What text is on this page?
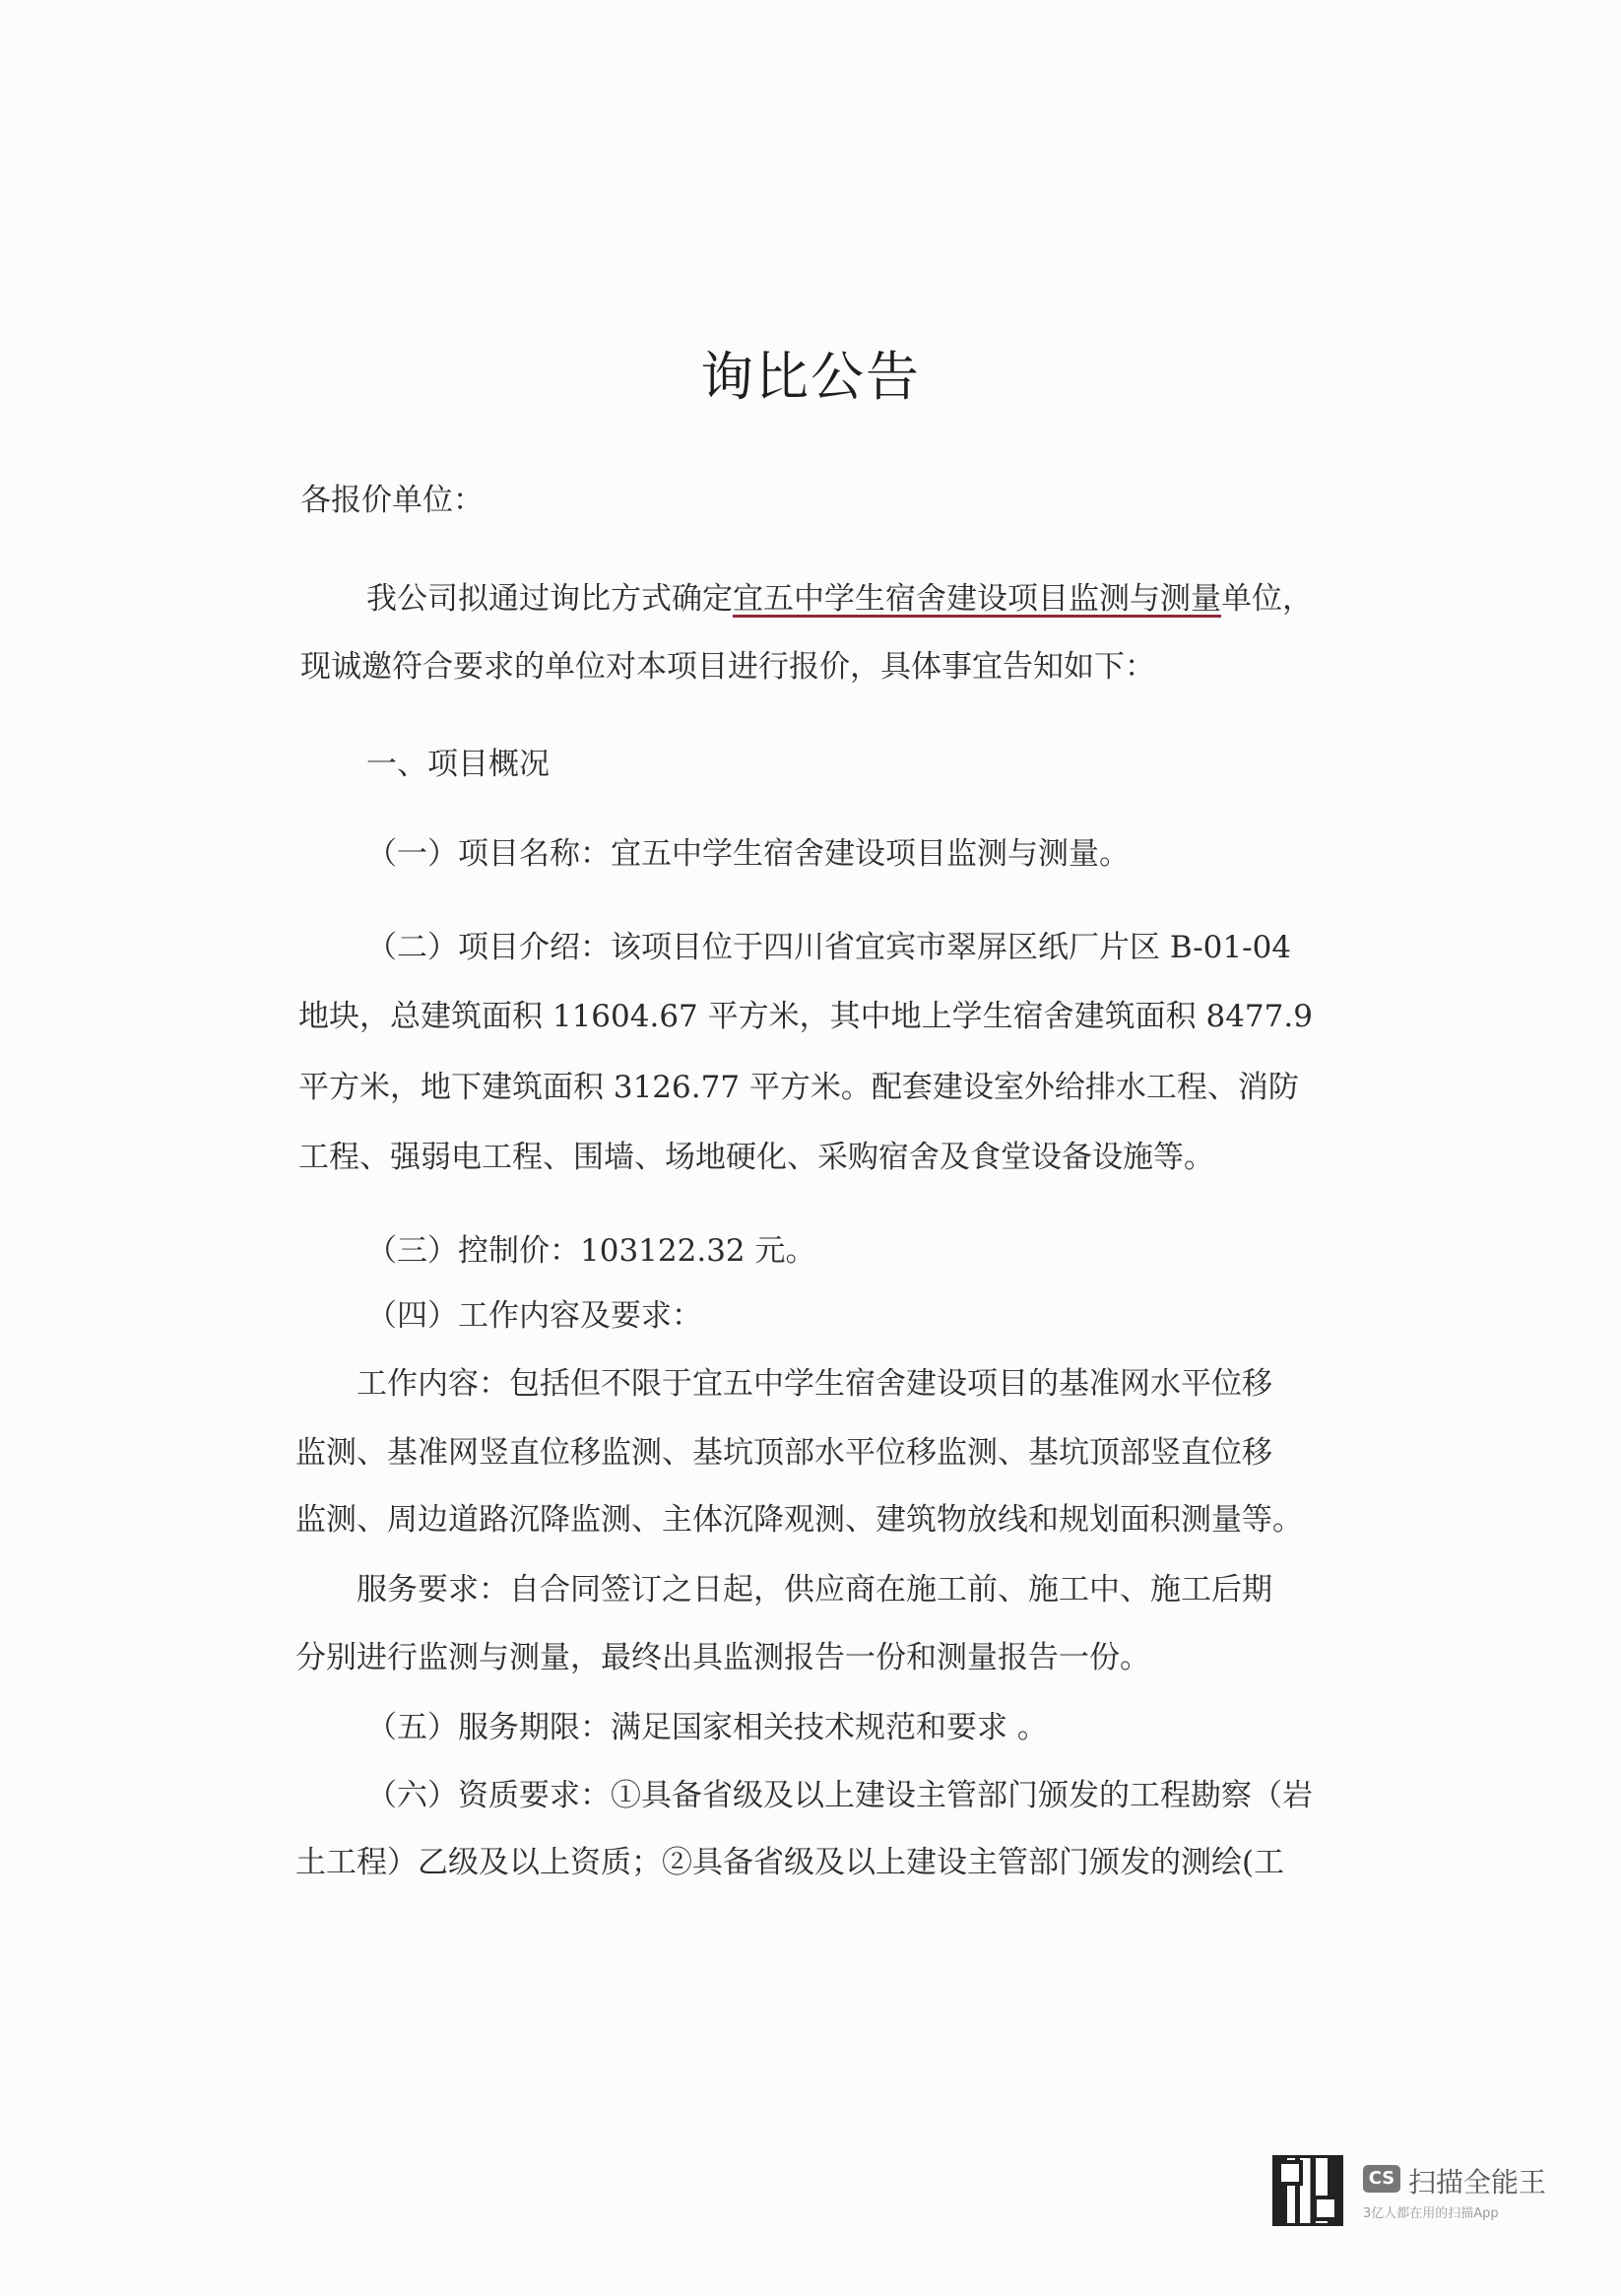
询比公告
各报价单位：
我公司拟通过询比方式确定宜五中学生宿舍建设项目监测与测量单位，
现诚邀符合要求的单位对本项目进行报价，具体事宜告知如下：
一、项目概况
（一）项目名称：宜五中学生宿舍建设项目监测与测量。
（二）项目介绍：该项目位于四川省宜宾市翠屏区纸厂片区 B-01-04
地块，总建筑面积 11604.67 平方米，其中地上学生宿舍建筑面积 8477.9
平方米，地下建筑面积 3126.77 平方米。配套建设室外给排水工程、消防
工程、强弱电工程、围墙、场地硬化、采购宿舍及食堂设备设施等。
（三）控制价：103122.32 元。
（四）工作内容及要求：
工作内容：包括但不限于宜五中学生宿舍建设项目的基准网水平位移
监测、基准网竖直位移监测、基坑顶部水平位移监测、基坑顶部竖直位移
监测、周边道路沉降监测、主体沉降观测、建筑物放线和规划面积测量等。
服务要求：自合同签订之日起，供应商在施工前、施工中、施工后期
分别进行监测与测量，最终出具监测报告一份和测量报告一份。
（五）服务期限：满足国家相关技术规范和要求 。
（六）资质要求：①具备省级及以上建设主管部门颁发的工程勘察（岩
土工程）乙级及以上资质；②具备省级及以上建设主管部门颁发的测绘(工
CS 扫描全能王
3亿人都在用的扫描App
